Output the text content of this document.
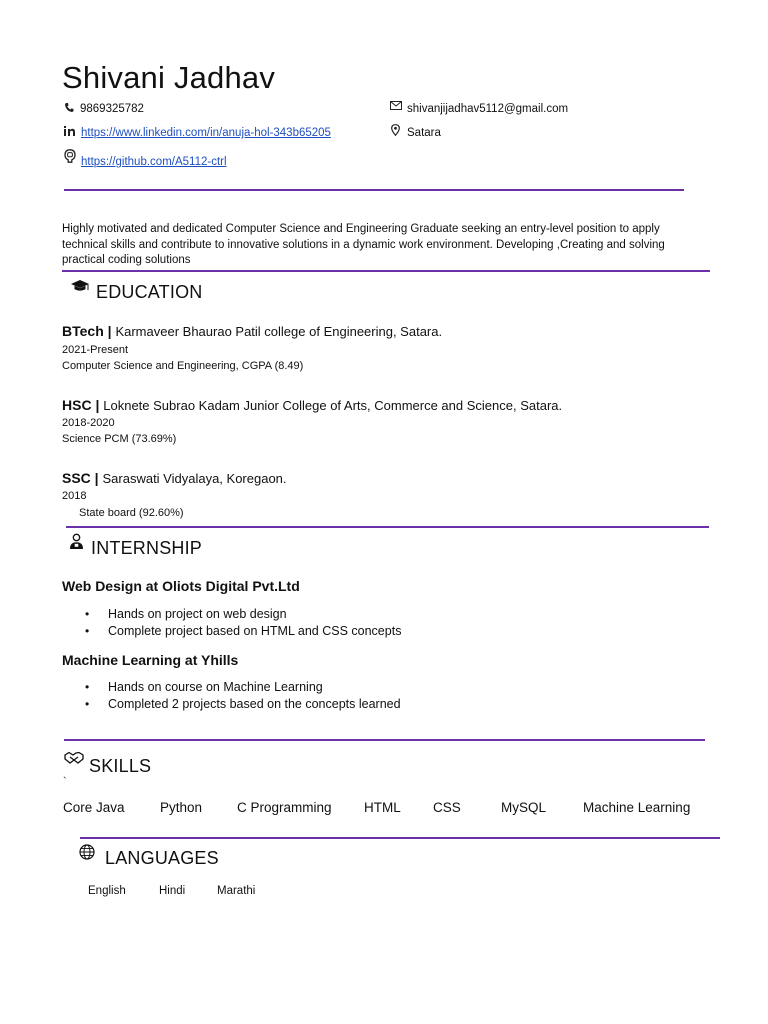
Shivani Jadhav
9869325782	shivanjijadhav5112@gmail.com
https://www.linkedin.com/in/anuja-hol-343b65205	Satara
https://github.com/A5112-ctrl
Highly motivated and dedicated Computer Science and Engineering Graduate seeking an entry-level position to apply technical skills and contribute to innovative solutions in a dynamic work environment. Developing ,Creating and solving practical coding solutions
EDUCATION
BTech | Karmaveer Bhaurao Patil college of Engineering, Satara.
2021-Present
Computer Science and Engineering, CGPA (8.49)
HSC | Loknete Subrao Kadam Junior College of Arts, Commerce and Science, Satara.
2018-2020
Science PCM (73.69%)
SSC | Saraswati Vidyalaya, Koregaon.
2018
State board (92.60%)
INTERNSHIP
Web Design at Oliots Digital Pvt.Ltd
• Hands on project on web design
• Complete project based on HTML and CSS concepts
Machine Learning at Yhills
• Hands on course on Machine Learning
• Completed 2 projects based on the concepts learned
`
SKILLS
Core Java	Python	C Programming HTML CSS	MySQL	Machine Learning
LANGUAGES
English	Hindi	Marathi
